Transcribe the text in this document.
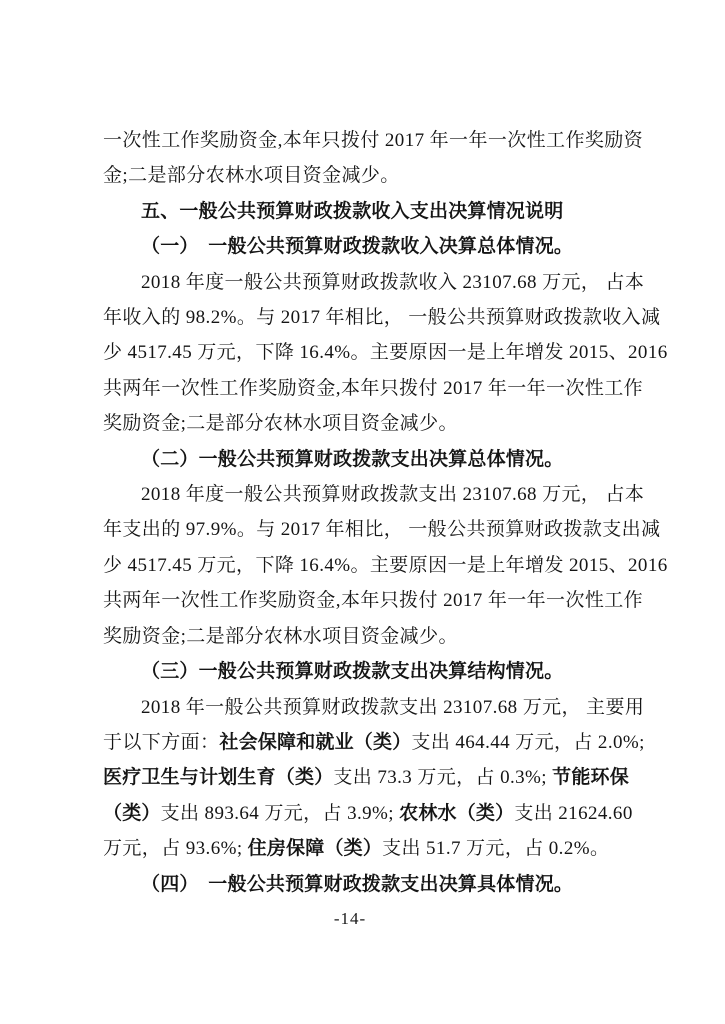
一次性工作奖励资金,本年只拨付 2017 年一年一次性工作奖励资
金;二是部分农林水项目资金减少。
五、一般公共预算财政拨款收入支出决算情况说明
（一）　一般公共预算财政拨款收入决算总体情况。
2018 年度一般公共预算财政拨款收入 23107.68 万元， 占本
年收入的 98.2%。与 2017 年相比， 一般公共预算财政拨款收入减
少 4517.45 万元，下降 16.4%。主要原因一是上年增发 2015、2016
共两年一次性工作奖励资金,本年只拨付 2017 年一年一次性工作
奖励资金;二是部分农林水项目资金减少。
（二）一般公共预算财政拨款支出决算总体情况。
2018 年度一般公共预算财政拨款支出 23107.68 万元， 占本
年支出的 97.9%。与 2017 年相比， 一般公共预算财政拨款支出减
少 4517.45 万元，下降 16.4%。主要原因一是上年增发 2015、2016
共两年一次性工作奖励资金,本年只拨付 2017 年一年一次性工作
奖励资金;二是部分农林水项目资金减少。
（三）一般公共预算财政拨款支出决算结构情况。
2018 年一般公共预算财政拨款支出 23107.68 万元， 主要用
于以下方面：社会保障和就业（类）支出 464.44 万元，占 2.0%;
医疗卫生与计划生育（类）支出 73.3 万元，占 0.3%; 节能环保
（类）支出 893.64 万元，占 3.9%; 农林水（类）支出 21624.60
万元，占 93.6%; 住房保障（类）支出 51.7 万元，占 0.2%。
（四）　一般公共预算财政拨款支出决算具体情况。
-14-
